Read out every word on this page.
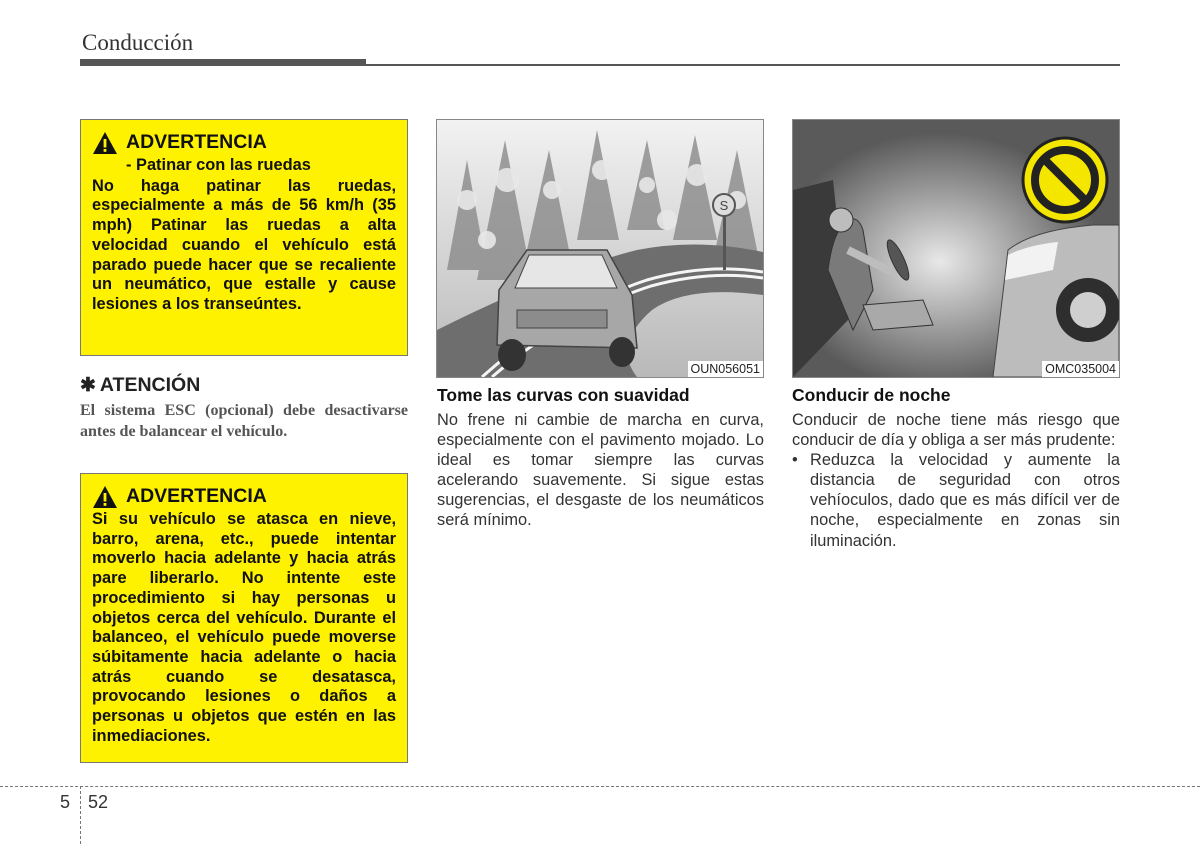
Conducción
ADVERTENCIA
- Patinar con las ruedas
No haga patinar las ruedas, especialmente a más de 56 km/h (35 mph) Patinar las ruedas a alta velocidad cuando el vehículo está parado puede hacer que se recaliente un neumático, que estalle y cause lesiones a los transeúntes.
✱ ATENCIÓN
El sistema ESC (opcional) debe desactivarse antes de balancear el vehículo.
ADVERTENCIA
Si su vehículo se atasca en nieve, barro, arena, etc., puede intentar moverlo hacia adelante y hacia atrás pare liberarlo. No intente este procedimiento si hay personas u objetos cerca del vehículo. Durante el balanceo, el vehículo puede moverse súbitamente hacia adelante o hacia atrás cuando se desatasca, provocando lesiones o daños a personas u objetos que estén en las inmediaciones.
S
OUN056051	OMC035004
Tome las curvas con suavidad
No frene ni cambie de marcha en curva, especialmente con el pavimento mojado. Lo ideal es tomar siempre las curvas acelerando suavemente. Si sigue estas sugerencias, el desgaste de los neumáticos será mínimo.
Conducir de noche
Conducir de noche tiene más riesgo que conducir de día y obliga a ser más prudente:
• Reduzca la velocidad y aumente la distancia de seguridad con otros vehíoculos, dado que es más difícil ver de noche, especialmente en zonas sin iluminación.
5 52
